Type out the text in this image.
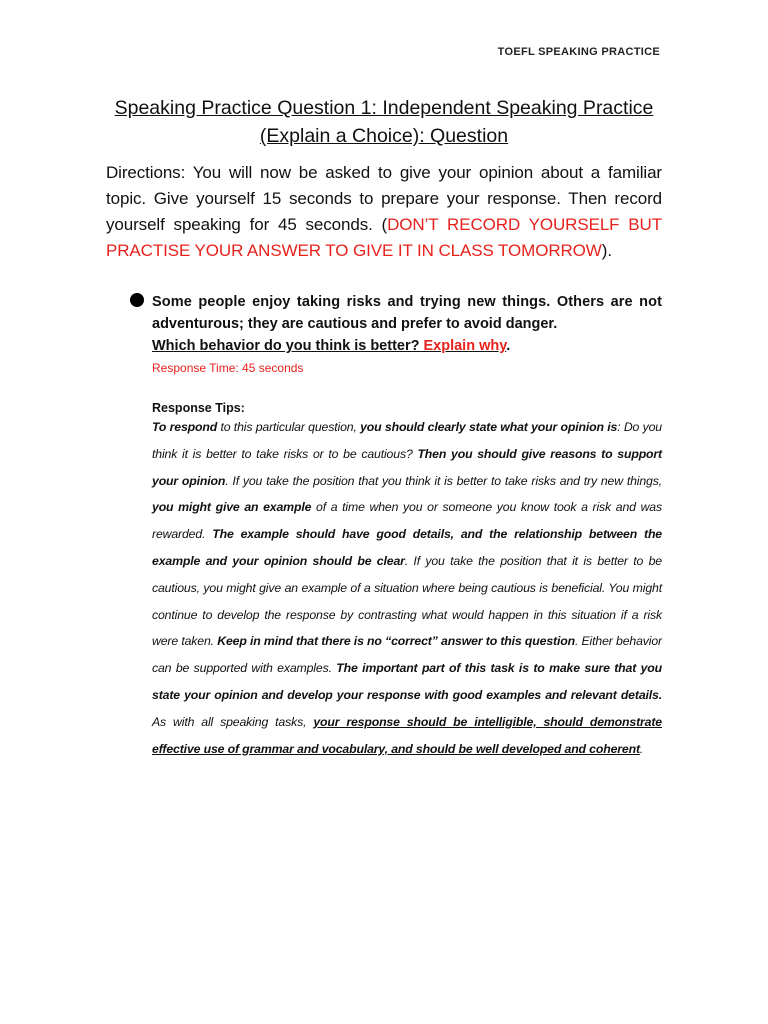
TOEFL SPEAKING PRACTICE
Speaking Practice Question 1: Independent Speaking Practice
(Explain a Choice): Question
Directions: You will now be asked to give your opinion about a familiar topic. Give yourself 15 seconds to prepare your response. Then record yourself speaking for 45 seconds. (DON’T RECORD YOURSELF BUT PRACTISE YOUR ANSWER TO GIVE IT IN CLASS TOMORROW).
Some people enjoy taking risks and trying new things. Others are not
adventurous; they are cautious and prefer to avoid danger.
Which behavior do you think is better? Explain why.
Response Time: 45 seconds
Response Tips:
To respond to this particular question, you should clearly state what your opinion is: Do you think it is better to take risks or to be cautious? Then you should give reasons to support your opinion. If you take the position that you think it is better to take risks and try new things, you might give an example of a time when you or someone you know took a risk and was rewarded. The example should have good details, and the relationship between the example and your opinion should be clear. If you take the position that it is better to be cautious, you might give an example of a situation where being cautious is beneficial. You might continue to develop the response by contrasting what would happen in this situation if a risk were taken. Keep in mind that there is no “correct” answer to this question. Either behavior can be supported with examples. The important part of this task is to make sure that you state your opinion and develop your response with good examples and relevant details. As with all speaking tasks, your response should be intelligible, should demonstrate effective use of grammar and vocabulary, and should be well developed and coherent.
